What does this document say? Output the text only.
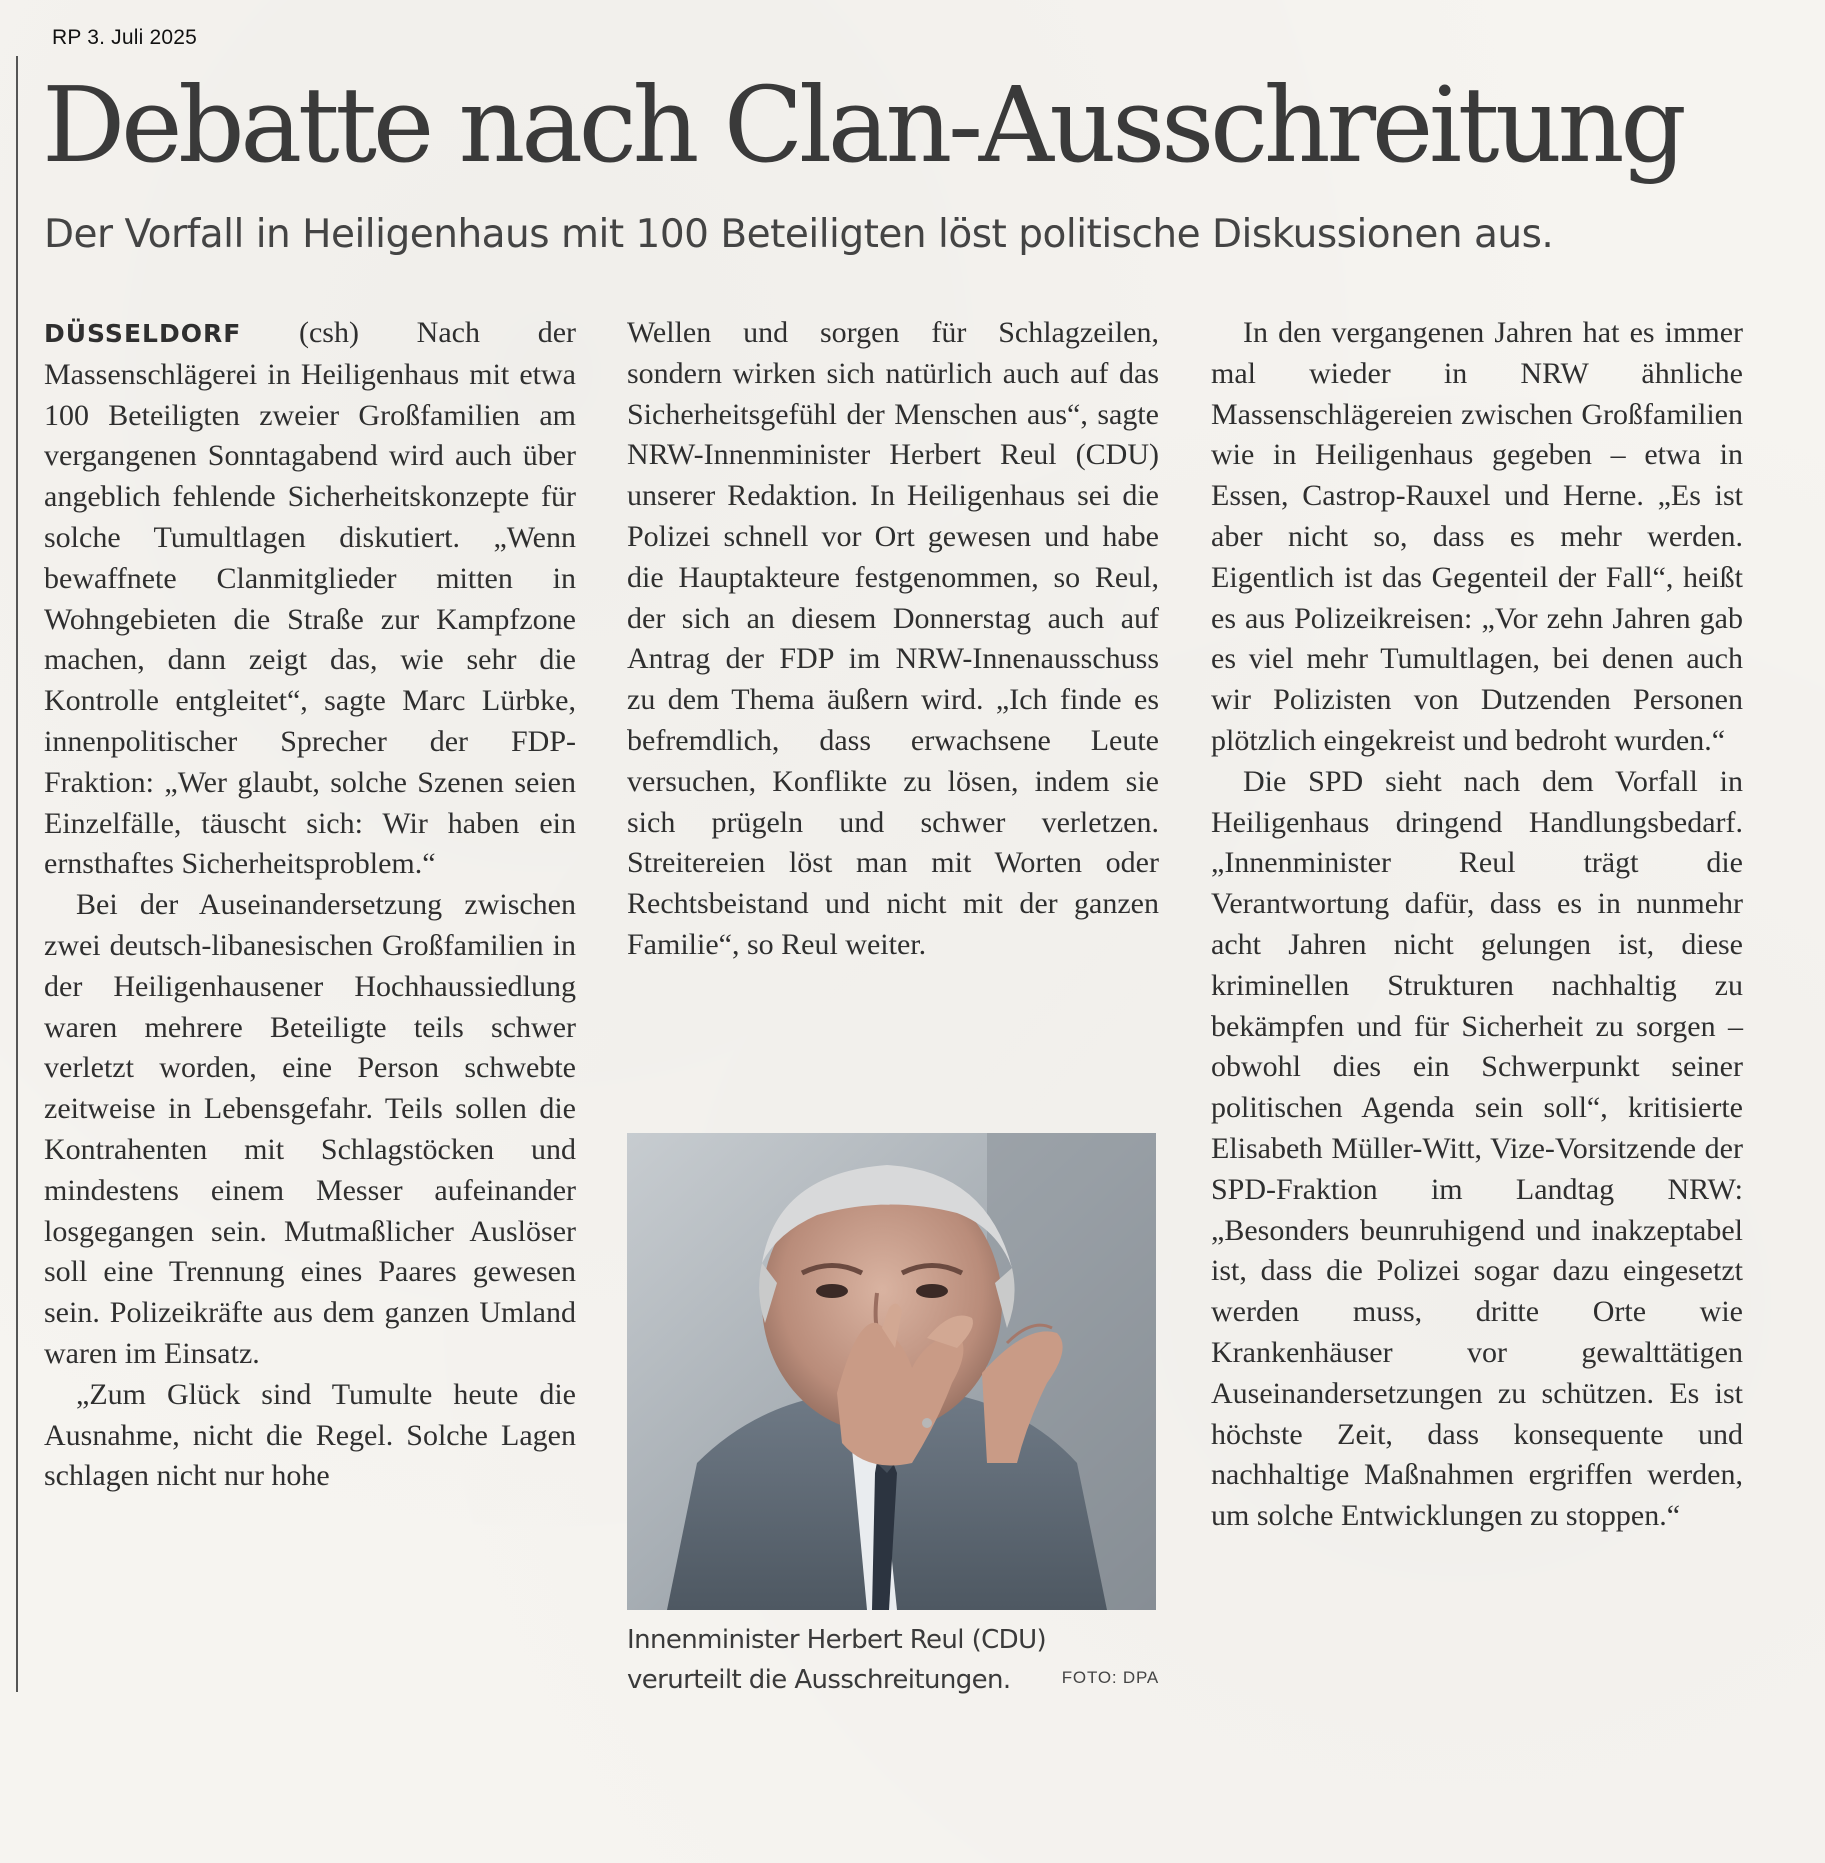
RP 3. Juli 2025
Debatte nach Clan-Ausschreitung
Der Vorfall in Heiligenhaus mit 100 Beteiligten löst politische Diskussionen aus.

DÜSSELDORF (csh) Nach der Massenschlägerei in Heiligenhaus mit etwa 100 Beteiligten zweier Großfamilien am vergangenen Sonntagabend wird auch über angeblich fehlende Sicherheitskonzepte für solche Tumultlagen diskutiert. „Wenn bewaffnete Clanmitglieder mitten in Wohngebieten die Straße zur Kampfzone machen, dann zeigt das, wie sehr die Kontrolle entgleitet“, sagte Marc Lürbke, innenpolitischer Sprecher der FDP-Fraktion: „Wer glaubt, solche Szenen seien Einzelfälle, täuscht sich: Wir haben ein ernsthaftes Sicherheitsproblem.“

Bei der Auseinandersetzung zwischen zwei deutsch-libanesischen Großfamilien in der Heiligenhausener Hochhaussiedlung waren mehrere Beteiligte teils schwer verletzt worden, eine Person schwebte zeitweise in Lebensgefahr. Teils sollen die Kontrahenten mit Schlagstöcken und mindestens einem Messer aufeinander losgegangen sein. Mutmaßlicher Auslöser soll eine Trennung eines Paares gewesen sein. Polizeikräfte aus dem ganzen Umland waren im Einsatz.

„Zum Glück sind Tumulte heute die Ausnahme, nicht die Regel. Solche Lagen schlagen nicht nur hohe

Wellen und sorgen für Schlagzeilen, sondern wirken sich natürlich auch auf das Sicherheitsgefühl der Menschen aus“, sagte NRW-Innenminister Herbert Reul (CDU) unserer Redaktion. In Heiligenhaus sei die Polizei schnell vor Ort gewesen und habe die Hauptakteure festgenommen, so Reul, der sich an diesem Donnerstag auch auf Antrag der FDP im NRW-Innenausschuss zu dem Thema äußern wird. „Ich finde es befremdlich, dass erwachsene Leute versuchen, Konflikte zu lösen, indem sie sich prügeln und schwer verletzen. Streitereien löst man mit Worten oder Rechtsbeistand und nicht mit der ganzen Familie“, so Reul weiter.

Innenminister Herbert Reul (CDU) verurteilt die Ausschreitungen.	FOTO: DPA

In den vergangenen Jahren hat es immer mal wieder in NRW ähnliche Massenschlägereien zwischen Großfamilien wie in Heiligenhaus gegeben – etwa in Essen, Castrop-Rauxel und Herne. „Es ist aber nicht so, dass es mehr werden. Eigentlich ist das Gegenteil der Fall“, heißt es aus Polizeikreisen: „Vor zehn Jahren gab es viel mehr Tumultlagen, bei denen auch wir Polizisten von Dutzenden Personen plötzlich eingekreist und bedroht wurden.“

Die SPD sieht nach dem Vorfall in Heiligenhaus dringend Handlungsbedarf. „Innenminister Reul trägt die Verantwortung dafür, dass es in nunmehr acht Jahren nicht gelungen ist, diese kriminellen Strukturen nachhaltig zu bekämpfen und für Sicherheit zu sorgen – obwohl dies ein Schwerpunkt seiner politischen Agenda sein soll“, kritisierte Elisabeth Müller-Witt, Vize-Vorsitzende der SPD-Fraktion im Landtag NRW: „Besonders beunruhigend und inakzeptabel ist, dass die Polizei sogar dazu eingesetzt werden muss, dritte Orte wie Krankenhäuser vor gewalttätigen Auseinandersetzungen zu schützen. Es ist höchste Zeit, dass konsequente und nachhaltige Maßnahmen ergriffen werden, um solche Entwicklungen zu stoppen.“
